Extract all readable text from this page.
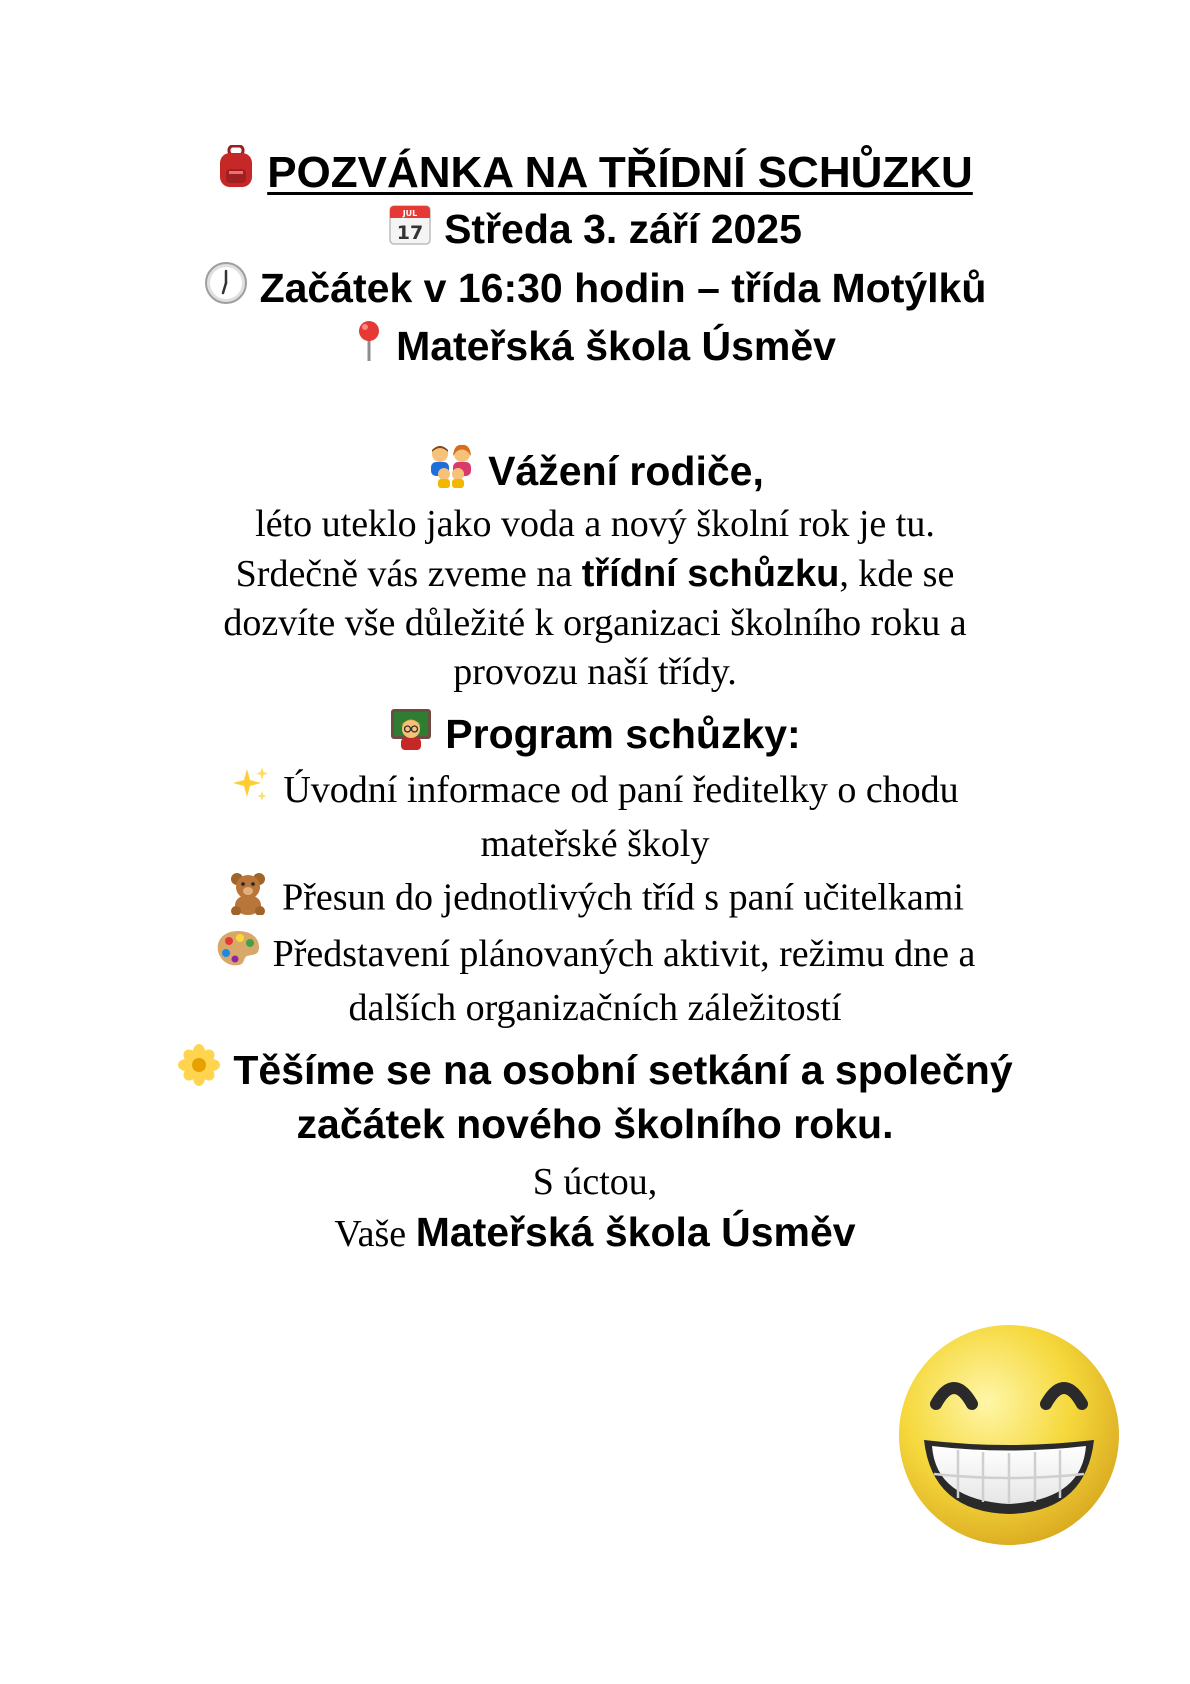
POZVÁNKA NA TŘÍDNÍ SCHŮZKU
JUL
17 Středa 3. září 2025
Začátek v 16:30 hodin – třída Motýlků
Mateřská škola Úsměv
Vážení rodiče,
léto uteklo jako voda a nový školní rok je tu.
Srdečně vás zveme na třídní schůzku, kde se
dozvíte vše důležité k organizaci školního roku a
provozu naší třídy.
Program schůzky:
Úvodní informace od paní ředitelky o chodu
mateřské školy
Přesun do jednotlivých tříd s paní učitelkami
Představení plánovaných aktivit, režimu dne a
dalších organizačních záležitostí
Těšíme se na osobní setkání a společný
začátek nového školního roku.
S úctou,
Vaše Mateřská škola Úsměv
